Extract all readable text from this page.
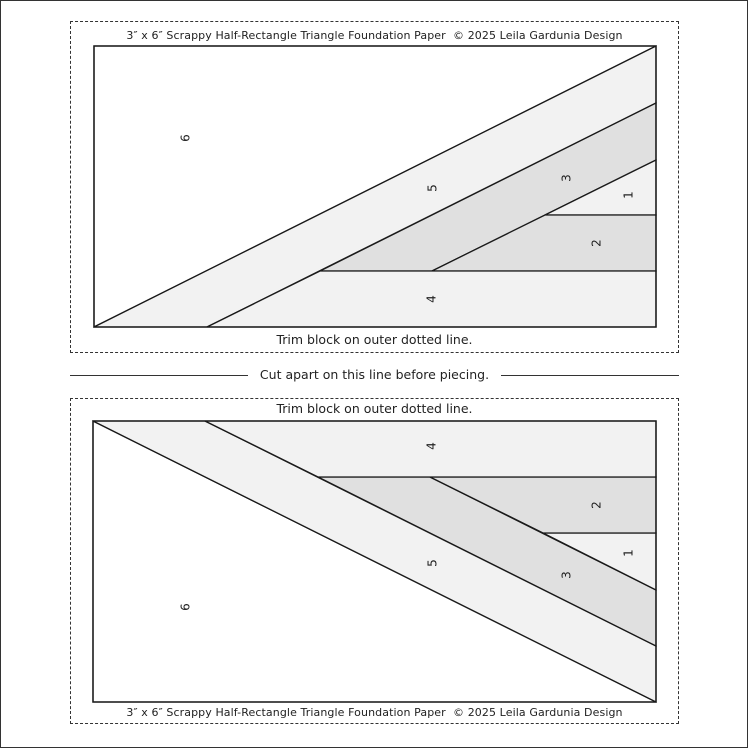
3″ x 6″ Scrappy Half-Rectangle Triangle Foundation Paper © 2025 Leila Gardunia Design
Trim block on outer dotted line.
Cut apart on this line before piecing.
Trim block on outer dotted line.
3″ x 6″ Scrappy Half-Rectangle Triangle Foundation Paper © 2025 Leila Gardunia Design
6
5
3
1
2
4
4
2
1
5
3
6
